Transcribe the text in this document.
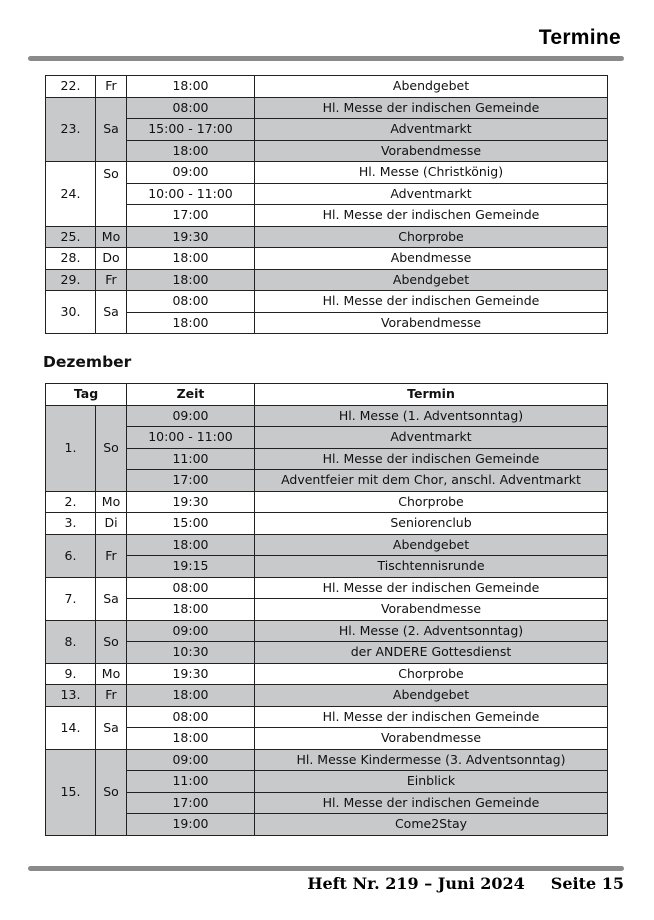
Termine
22.	Fr	18:00	Abendgebet
23.	Sa	08:00	Hl. Messe der indischen Gemeinde
		15:00 - 17:00	Adventmarkt
		18:00	Vorabendmesse
24.	So	09:00	Hl. Messe (Christkönig)
		10:00 - 11:00	Adventmarkt
		17:00	Hl. Messe der indischen Gemeinde
25.	Mo	19:30	Chorprobe
28.	Do	18:00	Abendmesse
29.	Fr	18:00	Abendgebet
30.	Sa	08:00	Hl. Messe der indischen Gemeinde
		18:00	Vorabendmesse
Dezember
Tag		Zeit	Termin
1.	So	09:00	Hl. Messe (1. Adventsonntag)
		10:00 - 11:00	Adventmarkt
		11:00	Hl. Messe der indischen Gemeinde
		17:00	Adventfeier mit dem Chor, anschl. Adventmarkt
2.	Mo	19:30	Chorprobe
3.	Di	15:00	Seniorenclub
6.	Fr	18:00	Abendgebet
		19:15	Tischtennisrunde
7.	Sa	08:00	Hl. Messe der indischen Gemeinde
		18:00	Vorabendmesse
8.	So	09:00	Hl. Messe (2. Adventsonntag)
		10:30	der ANDERE Gottesdienst
9.	Mo	19:30	Chorprobe
13.	Fr	18:00	Abendgebet
14.	Sa	08:00	Hl. Messe der indischen Gemeinde
		18:00	Vorabendmesse
15.	So	09:00	Hl. Messe Kindermesse (3. Adventsonntag)
		11:00	Einblick
		17:00	Hl. Messe der indischen Gemeinde
		19:00	Come2Stay
Heft Nr. 219 – Juni 2024 Seite 15
